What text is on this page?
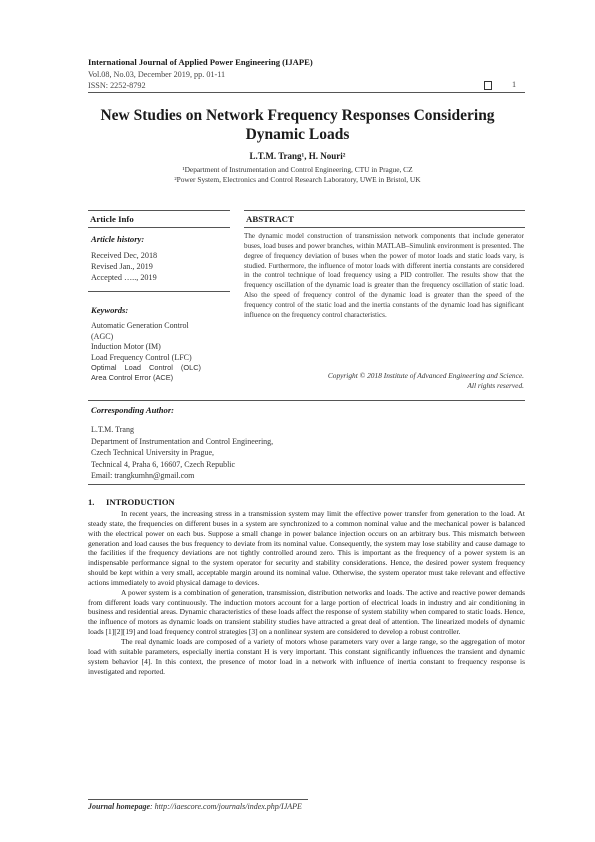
International Journal of Applied Power Engineering (IJAPE)
Vol.08, No.03, December 2019, pp. 01-11
ISSN: 2252-8792	1
New Studies on Network Frequency Responses Considering
Dynamic Loads
L.T.M. Trang¹, H. Nouri²
¹Department of Instrumentation and Control Engineering, CTU in Prague, CZ
²Power System, Electronics and Control Research Laboratory, UWE in Bristol, UK
Article Info	ABSTRACT
Article history:
Received Dec, 2018
Revised Jan., 2019
Accepted ….., 2019
Keywords:
Automatic Generation Control
(AGC)
Induction Motor (IM)
Load Frequency Control (LFC)
Optimal Load Control (OLC)
Area Control Error (ACE)
The dynamic model construction of transmission network components that include generator buses, load buses and power branches, within MATLAB–Simulink environment is presented. The degree of frequency deviation of buses when the power of motor loads and static loads vary, is studied. Furthermore, the influence of motor loads with different inertia constants are considered in the control technique of load frequency using a PID controller. The results show that the frequency oscillation of the dynamic load is greater than the frequency oscillation of static load. Also the speed of frequency control of the dynamic load is greater than the speed of the frequency control of the static load and the inertia constants of the dynamic load has significant influence on the frequency control characteristics.
Copyright © 2018 Institute of Advanced Engineering and Science.
All rights reserved.
Corresponding Author:
L.T.M. Trang
Department of Instrumentation and Control Engineering,
Czech Technical University in Prague,
Technical 4, Praha 6, 16607, Czech Republic
Email: trangkumhn@gmail.com
1. INTRODUCTION

In recent years, the increasing stress in a transmission system may limit the effective power transfer from generation to the load. At steady state, the frequencies on different buses in a system are synchronized to a common nominal value and the mechanical power is balanced with the electrical power on each bus. Suppose a small change in power balance injection occurs on an arbitrary bus. This mismatch between generation and load causes the bus frequency to deviate from its nominal value. Consequently, the system may lose stability and cause damage to the facilities if the frequency deviations are not tightly controlled around zero. This is important as the frequency of a power system is an indispensable performance signal to the system operator for security and stability considerations. Hence, the desired power system frequency should be kept within a very small, acceptable margin around its nominal value. Otherwise, the system operator must take relevant and effective actions immediately to avoid physical damage to devices.

A power system is a combination of generation, transmission, distribution networks and loads. The active and reactive power demands from different loads vary continuously. The induction motors account for a large portion of electrical loads in industry and air conditioning in business and residential areas. Dynamic characteristics of these loads affect the response of system stability when compared to static loads. Hence, the influence of motors as dynamic loads on transient stability studies have attracted a great deal of attention. The linearized models of dynamic loads [1][2][19] and load frequency control strategies [3] on a nonlinear system are considered to develop a robust controller.

The real dynamic loads are composed of a variety of motors whose parameters vary over a large range, so the aggregation of motor load with suitable parameters, especially inertia constant H is very important. This constant significantly influences the transient and dynamic system behavior [4]. In this context, the presence of motor load in a network with influence of inertia constant to frequency response is investigated and reported.

Journal homepage: http://iaescore.com/journals/index.php/IJAPE
